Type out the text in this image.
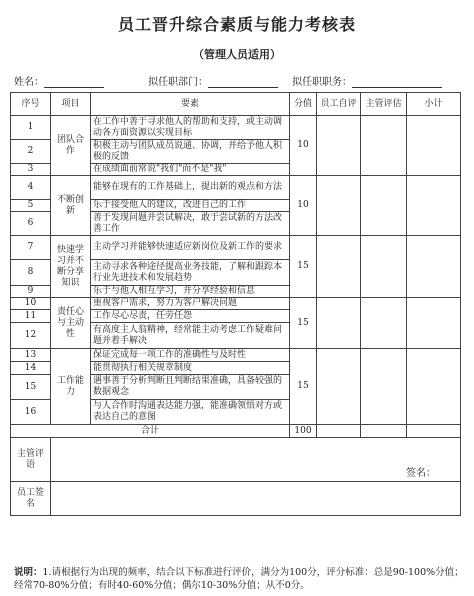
员工晋升综合素质与能力考核表
（管理人员适用）
姓名：	拟任职部门：	拟任职职务：
序号	项目	要素	分值	员工自评	主管评估	小计
1	团队合作	在工作中善于寻求他人的帮助和支持，或主动调动各方面资源以实现目标	10			
2		积极主动与团队成员说通、协调，并给予他人积极的反馈				
3		在成绩面前常说"我们"而不是"我"				
4	不断创新	能够在现有的工作基础上，提出新的观点和方法	10			
5		乐于接受他人的建议，改进自己的工作				
6		善于发现问题并尝试解决，敢于尝试新的方法改善工作				
7	快速学习并不断分享知识	主动学习并能够快速适应新岗位及新工作的要求	15			
8		主动寻求各种途径提高业务技能，了解和跟踪本行业先进技术和发展趋势				
9		乐于与他人相互学习，并分享经验和信息				
10	责任心与主动性	重视客户需求，努力为客户解决问题	15			
11		工作尽心尽责，任劳任怨				
12		有高度主人翁精神，经常能主动考虑工作疑难问题并着手解决				
13	工作能力	保证完成每一项工作的准确性与及时性	15			
14		能贯彻执行相关规章制度				
15		遇事善于分析判断且判断结果准确，具备较强的数据观念				
16		与人合作时沟通表达能力强，能准确领悟对方或表达自己的意图				
合计			100			
主管评语	签名：					

员工签名						
说明：1.请根据行为出现的频率，结合以下标准进行评价，满分为100分，评分标准：总是90-100%分值；经常70-80%分值；有时40-60%分值；偶尔10-30%分值；从不0分。
